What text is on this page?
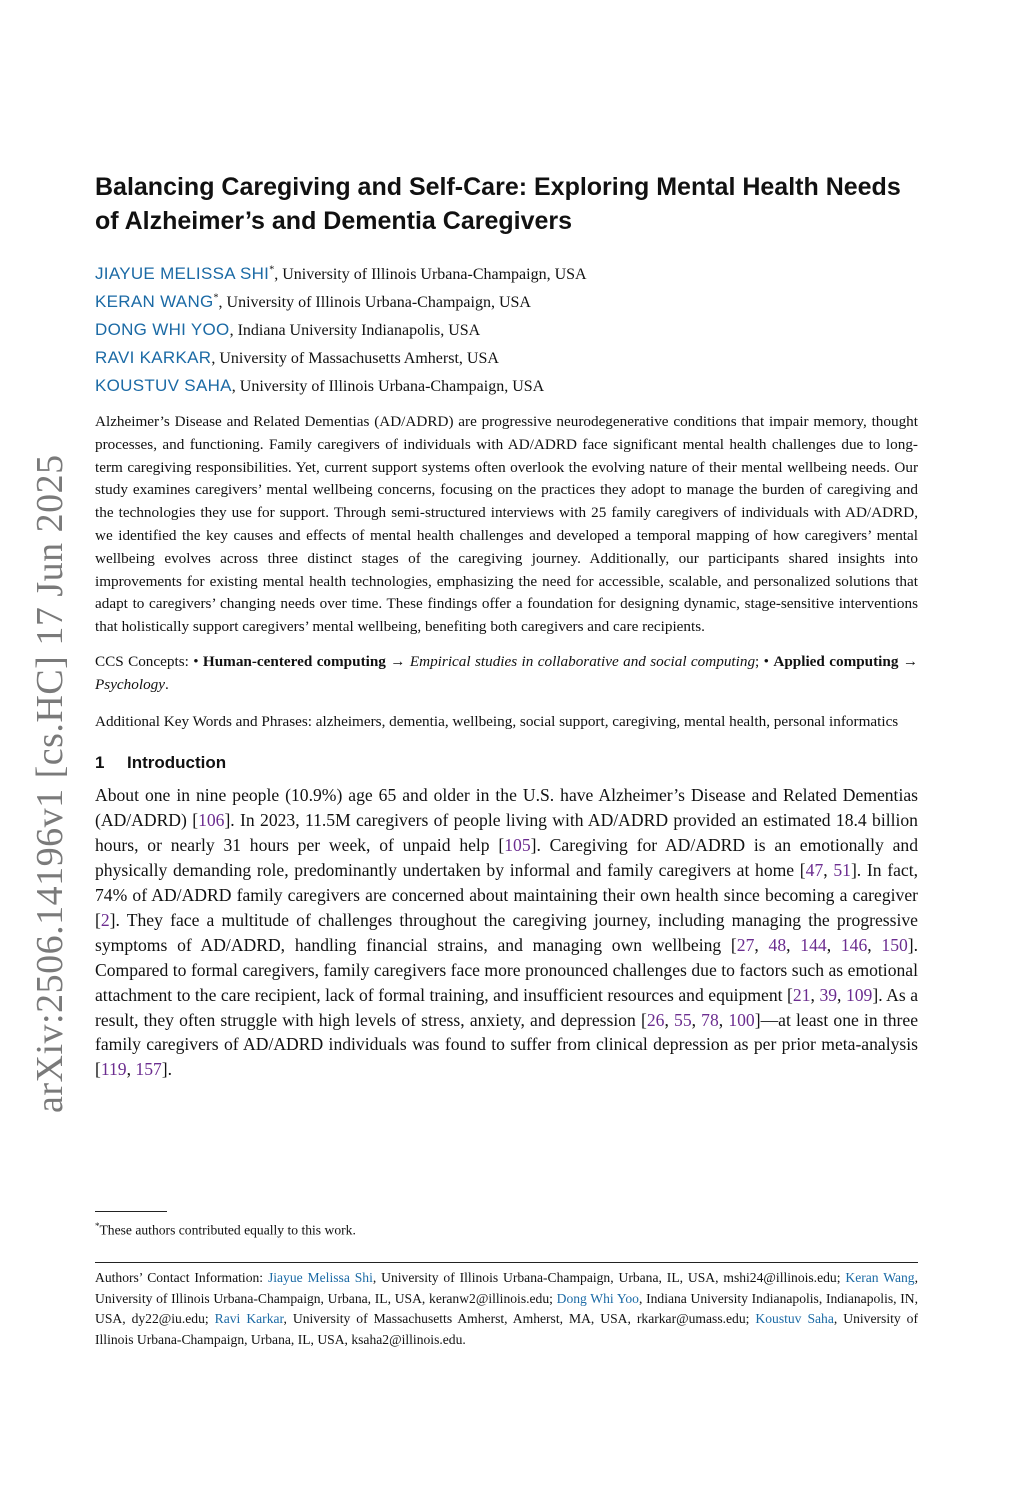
arXiv:2506.14196v1 [cs.HC] 17 Jun 2025
Balancing Caregiving and Self-Care: Exploring Mental Health Needs of Alzheimer’s and Dementia Caregivers
JIAYUE MELISSA SHI*, University of Illinois Urbana-Champaign, USA
KERAN WANG*, University of Illinois Urbana-Champaign, USA
DONG WHI YOO, Indiana University Indianapolis, USA
RAVI KARKAR, University of Massachusetts Amherst, USA
KOUSTUV SAHA, University of Illinois Urbana-Champaign, USA

Alzheimer’s Disease and Related Dementias (AD/ADRD) are progressive neurodegenerative conditions that impair memory, thought processes, and functioning. Family caregivers of individuals with AD/ADRD face significant mental health challenges due to long-term caregiving responsibilities. Yet, current support systems often overlook the evolving nature of their mental wellbeing needs. Our study examines caregivers’ mental wellbeing concerns, focusing on the practices they adopt to manage the burden of caregiving and the technologies they use for support. Through semi-structured interviews with 25 family caregivers of individuals with AD/ADRD, we identified the key causes and effects of mental health challenges and developed a temporal mapping of how caregivers’ mental wellbeing evolves across three distinct stages of the caregiving journey. Additionally, our participants shared insights into improvements for existing mental health technologies, emphasizing the need for accessible, scalable, and personalized solutions that adapt to caregivers’ changing needs over time. These findings offer a foundation for designing dynamic, stage-sensitive interventions that holistically support caregivers’ mental wellbeing, benefiting both caregivers and care recipients.

CCS Concepts: • Human-centered computing → Empirical studies in collaborative and social computing; • Applied computing → Psychology.

Additional Key Words and Phrases: alzheimers, dementia, wellbeing, social support, caregiving, mental health, personal informatics

1 Introduction

About one in nine people (10.9%) age 65 and older in the U.S. have Alzheimer’s Disease and Related Dementias (AD/ADRD) [106]. In 2023, 11.5M caregivers of people living with AD/ADRD provided an estimated 18.4 billion hours, or nearly 31 hours per week, of unpaid help [105]. Caregiving for AD/ADRD is an emotionally and physically demanding role, predominantly undertaken by informal and family caregivers at home [47, 51]. In fact, 74% of AD/ADRD family caregivers are concerned about maintaining their own health since becoming a caregiver [2]. They face a multitude of challenges throughout the caregiving journey, including managing the progressive symptoms of AD/ADRD, handling financial strains, and managing own wellbeing [27, 48, 144, 146, 150]. Compared to formal caregivers, family caregivers face more pronounced challenges due to factors such as emotional attachment to the care recipient, lack of formal training, and insufficient resources and equipment [21, 39, 109]. As a result, they often struggle with high levels of stress, anxiety, and depression [26, 55, 78, 100]—at least one in three family caregivers of AD/ADRD individuals was found to suffer from clinical depression as per prior meta-analysis [119, 157].

*These authors contributed equally to this work.
Authors’ Contact Information: Jiayue Melissa Shi, University of Illinois Urbana-Champaign, Urbana, IL, USA, mshi24@illinois.edu; Keran Wang, University of Illinois Urbana-Champaign, Urbana, IL, USA, keranw2@illinois.edu; Dong Whi Yoo, Indiana University Indianapolis, Indianapolis, IN, USA, dy22@iu.edu; Ravi Karkar, University of Massachusetts Amherst, Amherst, MA, USA, rkarkar@umass.edu; Koustuv Saha, University of Illinois Urbana-Champaign, Urbana, IL, USA, ksaha2@illinois.edu.
